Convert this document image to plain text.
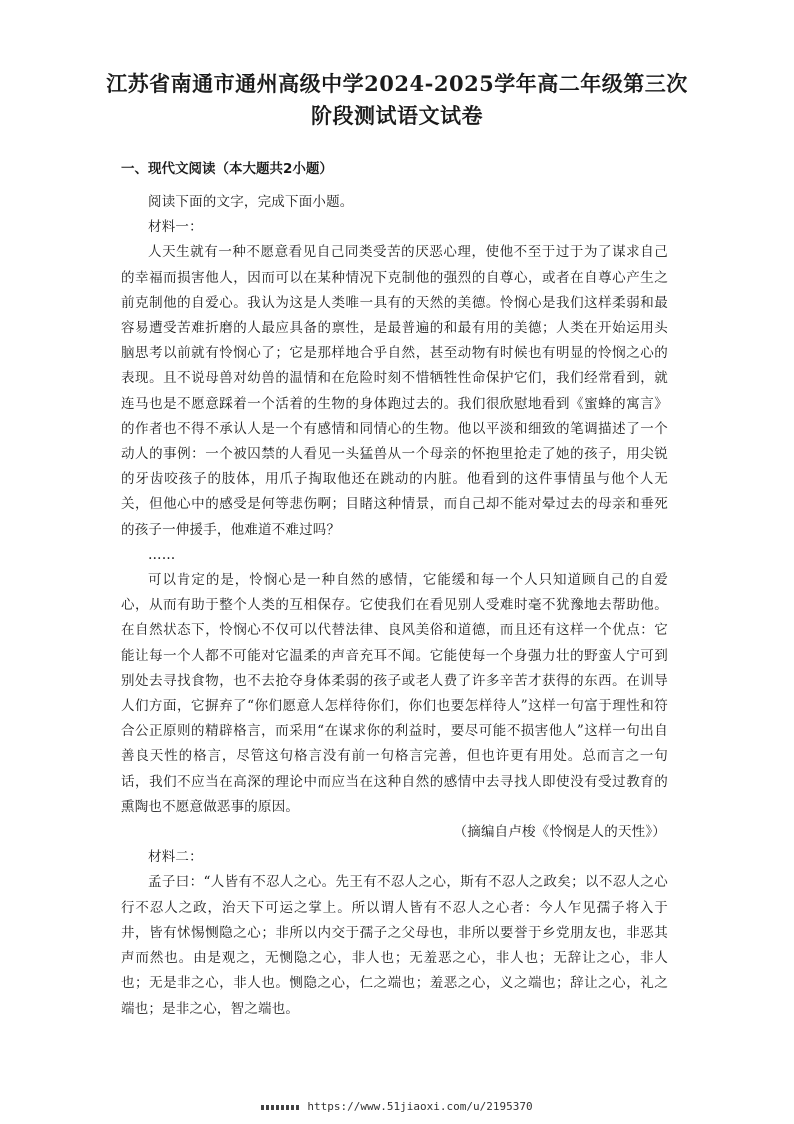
江苏省南通市通州高级中学2024-2025学年高二年级第三次阶段测试语文试卷
一、现代文阅读（本大题共2小题）

阅读下面的文字，完成下面小题。

材料一：

人天生就有一种不愿意看见自己同类受苦的厌恶心理，使他不至于过于为了谋求自己的幸福而损害他人，因而可以在某种情况下克制他的强烈的自尊心，或者在自尊心产生之前克制他的自爱心。我认为这是人类唯一具有的天然的美德。怜悯心是我们这样柔弱和最容易遭受苦难折磨的人最应具备的禀性，是最普遍的和最有用的美德；人类在开始运用头脑思考以前就有怜悯心了；它是那样地合乎自然，甚至动物有时候也有明显的怜悯之心的表现。且不说母兽对幼兽的温情和在危险时刻不惜牺牲性命保护它们，我们经常看到，就连马也是不愿意踩着一个活着的生物的身体跑过去的。我们很欣慰地看到《蜜蜂的寓言》的作者也不得不承认人是一个有感情和同情心的生物。他以平淡和细致的笔调描述了一个动人的事例：一个被囚禁的人看见一头猛兽从一个母亲的怀抱里抢走了她的孩子，用尖锐的牙齿咬孩子的肢体，用爪子掏取他还在跳动的内脏。他看到的这件事情虽与他个人无关，但他心中的感受是何等悲伤啊；目睹这种情景，而自己却不能对晕过去的母亲和垂死的孩子一伸援手，他难道不难过吗？

……

可以肯定的是，怜悯心是一种自然的感情，它能缓和每一个人只知道顾自己的自爱心，从而有助于整个人类的互相保存。它使我们在看见别人受难时毫不犹豫地去帮助他。在自然状态下，怜悯心不仅可以代替法律、良风美俗和道德，而且还有这样一个优点：它能让每一个人都不可能对它温柔的声音充耳不闻。它能使每一个身强力壮的野蛮人宁可到别处去寻找食物，也不去抢夺身体柔弱的孩子或老人费了许多辛苦才获得的东西。在训导人们方面，它摒弃了“你们愿意人怎样待你们，你们也要怎样待人”这样一句富于理性和符合公正原则的精辟格言，而采用“在谋求你的利益时，要尽可能不损害他人”这样一句出自善良天性的格言，尽管这句格言没有前一句格言完善，但也许更有用处。总而言之一句话，我们不应当在高深的理论中而应当在这种自然的感情中去寻找人即使没有受过教育的熏陶也不愿意做恶事的原因。

（摘编自卢梭《怜悯是人的天性》）

材料二：

孟子曰：“人皆有不忍人之心。先王有不忍人之心，斯有不忍人之政矣；以不忍人之心行不忍人之政，治天下可运之掌上。所以谓人皆有不忍人之心者：今人乍见孺子将入于井，皆有怵惕恻隐之心；非所以内交于孺子之父母也，非所以要誉于乡党朋友也，非恶其声而然也。由是观之，无恻隐之心，非人也；无羞恶之心，非人也；无辞让之心，非人也；无是非之心，非人也。恻隐之心，仁之端也；羞恶之心，义之端也；辞让之心，礼之端也；是非之心，智之端也。

https://www.51jiaoxi.com/u/2195370
